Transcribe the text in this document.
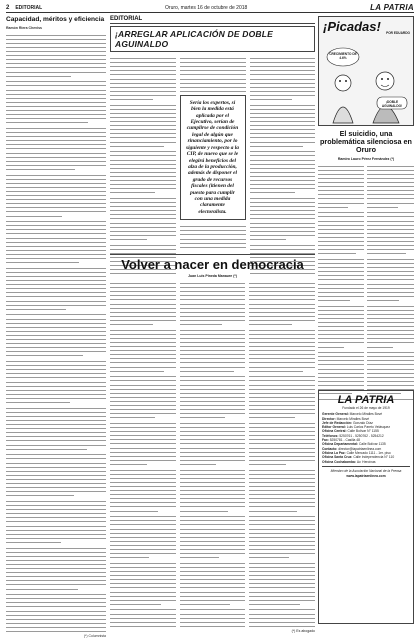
2 EDITORIAL	Oruro, martes 16 de octubre de 2018	LA PATRIA
Capacidad, méritos y eficiencia
Ramón Riera Cheviss
(*) Columnista
EDITORIAL
¡ARREGLAR APLICACIÓN DE DOBLE AGUINALDO
Sería los expertos, si bien la medida está aplicada por el Ejecutivo, serían de cumplirse de condición legal de algún que rinanciamiento, por lo siguiente y respecto a la CIP, de nuevo que se le elegirá beneficios del alza de la producción, además de disponer el grado de recursos fiscales (itienen del puesto para cumplir con una medida claramente electoralista.
Volver a nacer en democracia
Juan Luis Pineda Manaure (*)
(*) Es abogado
¡Picadas! POR EDUARDO
CRECIMIENTO DE 4.6%
¡DOBLE AGUINALDO!
El suicidio, una problemática silenciosa en Oruro
Ramiro Lauro Pérez Fernández (*)
LA PATRIA
Fundado el 26 de mayo de 1919
Gerente General: Marcelo Miralles Bové
Director: Marcelo Miralles Bové
Jefe de Redacción: Gonzalo Díaz
Editor General: Luis Carlos Pareto Velásquez
Oficina Central: Calle Bolívar N° 1155
Teléfonos: 5250761 - 5250762 - 5254212
Fax: 5250781 - Casilla 48
Oficina Departamental: Calle Bolívar 1135
Contacto: director@lapatriaenlinea.com
Oficina La Paz: Calle Mercado 1111 - 1er. piso
Oficina Santa Cruz: Calle Independencia N° 110
Oficina Cochabamba: Av. Heroínas
Miembro de la Asociación Nacional de la Prensa
www.lapatriaenlinea.com
